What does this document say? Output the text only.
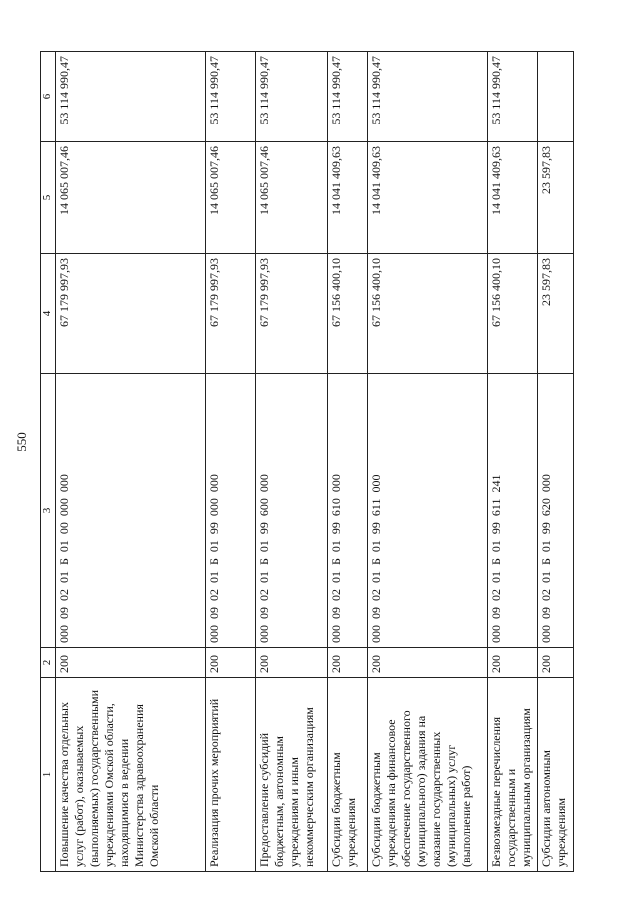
550
1	2	3	4	5	6
Повышение качества отдельных услуг (работ), оказываемых (выполняемых) государственными учреждениями Омской области, находящимися в ведении Министерства здравоохранения Омской области	200	000090201Б0100000000	67 179 997,93	14 065 007,46	53 114 990,47
Реализация прочих мероприятий	200	000090201Б0199000000	67 179 997,93	14 065 007,46	53 114 990,47
Предоставление субсидий бюджетным, автономным учреждениям и иным некоммерческим организациям	200	000090201Б0199600000	67 179 997,93	14 065 007,46	53 114 990,47
Субсидии бюджетным учреждениям	200	000090201Б0199610000	67 156 400,10	14 041 409,63	53 114 990,47
Субсидии бюджетным учреждениям на финансовое обеспечение государственного (муниципального) задания на оказание государственных (муниципальных) услуг (выполнение работ)	200	000090201Б0199611000	67 156 400,10	14 041 409,63	53 114 990,47
Безвозмездные перечисления государственным и муниципальным организациям	200	000090201Б0199611241	67 156 400,10	14 041 409,63	53 114 990,47
Субсидии автономным учреждениям	200	000090201Б0199620000	23 597,83	23 597,83	
